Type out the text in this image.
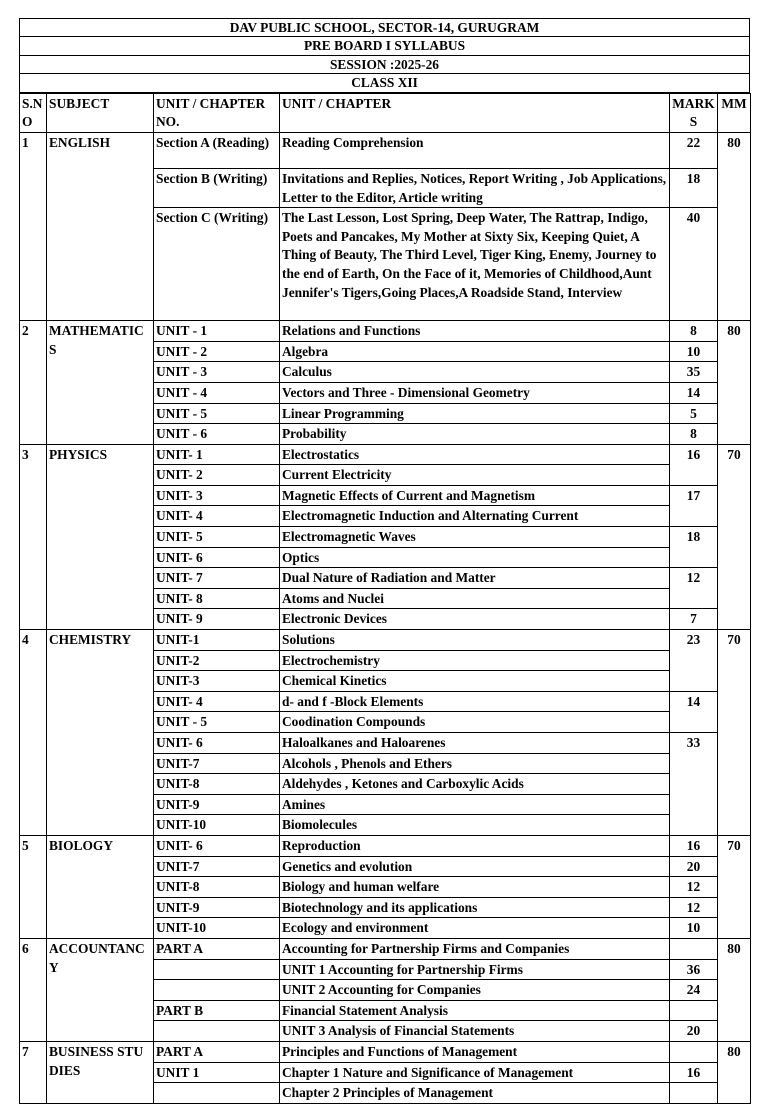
DAV PUBLIC SCHOOL, SECTOR-14, GURUGRAM
PRE BOARD I SYLLABUS
SESSION :2025-26
CLASS XII
S.NO	SUBJECT	UNIT / CHAPTER NO.	UNIT / CHAPTER	MARKS	MM
1	ENGLISH	Section A (Reading)	Reading Comprehension	22	80
		Section B (Writing)	Invitations and Replies, Notices, Report Writing , Job Applications, Letter to the Editor, Article writing	18	
		Section C (Writing)	The Last Lesson, Lost Spring, Deep Water, The Rattrap, Indigo, Poets and Pancakes, My Mother at Sixty Six, Keeping Quiet, A Thing of Beauty, The Third Level, Tiger King, Enemy, Journey to the end of Earth, On the Face of it, Memories of Childhood,Aunt Jennifer's Tigers,Going Places,A Roadside Stand, Interview	40	
2	MATHEMATICS	UNIT - 1	Relations and Functions	8	80
		UNIT - 2	Algebra	10	
		UNIT - 3	Calculus	35	
		UNIT - 4	Vectors and Three - Dimensional Geometry	14	
		UNIT - 5	Linear Programming	5	
		UNIT - 6	Probability	8	
3	PHYSICS	UNIT- 1	Electrostatics	16	70
		UNIT- 2	Current Electricity		
		UNIT- 3	Magnetic Effects of Current and Magnetism	17	
		UNIT- 4	Electromagnetic Induction and Alternating Current		
		UNIT- 5	Electromagnetic Waves	18	
		UNIT- 6	Optics		
		UNIT- 7	Dual Nature of Radiation and Matter	12	
		UNIT- 8	Atoms and Nuclei		
		UNIT- 9	Electronic Devices	7	
4	CHEMISTRY	UNIT-1	Solutions	23	70
		UNIT-2	Electrochemistry		
		UNIT-3	Chemical Kinetics		
		UNIT- 4	d- and f -Block Elements	14	
		UNIT - 5	Coodination Compounds		
		UNIT- 6	Haloalkanes and Haloarenes	33	
		UNIT-7	Alcohols , Phenols and Ethers		
		UNIT-8	Aldehydes , Ketones and Carboxylic Acids		
		UNIT-9	Amines		
		UNIT-10	Biomolecules		
5	BIOLOGY	UNIT- 6	Reproduction	16	70
		UNIT-7	Genetics and evolution	20	
		UNIT-8	Biology and human welfare	12	
		UNIT-9	Biotechnology and its applications	12	
		UNIT-10	Ecology and environment	10	
6	ACCOUNTANCY	PART A	Accounting for Partnership Firms and Companies		80
			UNIT 1 Accounting for Partnership Firms	36	
			UNIT 2 Accounting for Companies	24	
		PART B	Financial Statement Analysis		
			UNIT 3 Analysis of Financial Statements	20	
7	BUSINESS STUDIES	PART A	Principles and Functions of Management		80
		UNIT 1	Chapter 1 Nature and Significance of Management	16	
			Chapter 2 Principles of Management		
